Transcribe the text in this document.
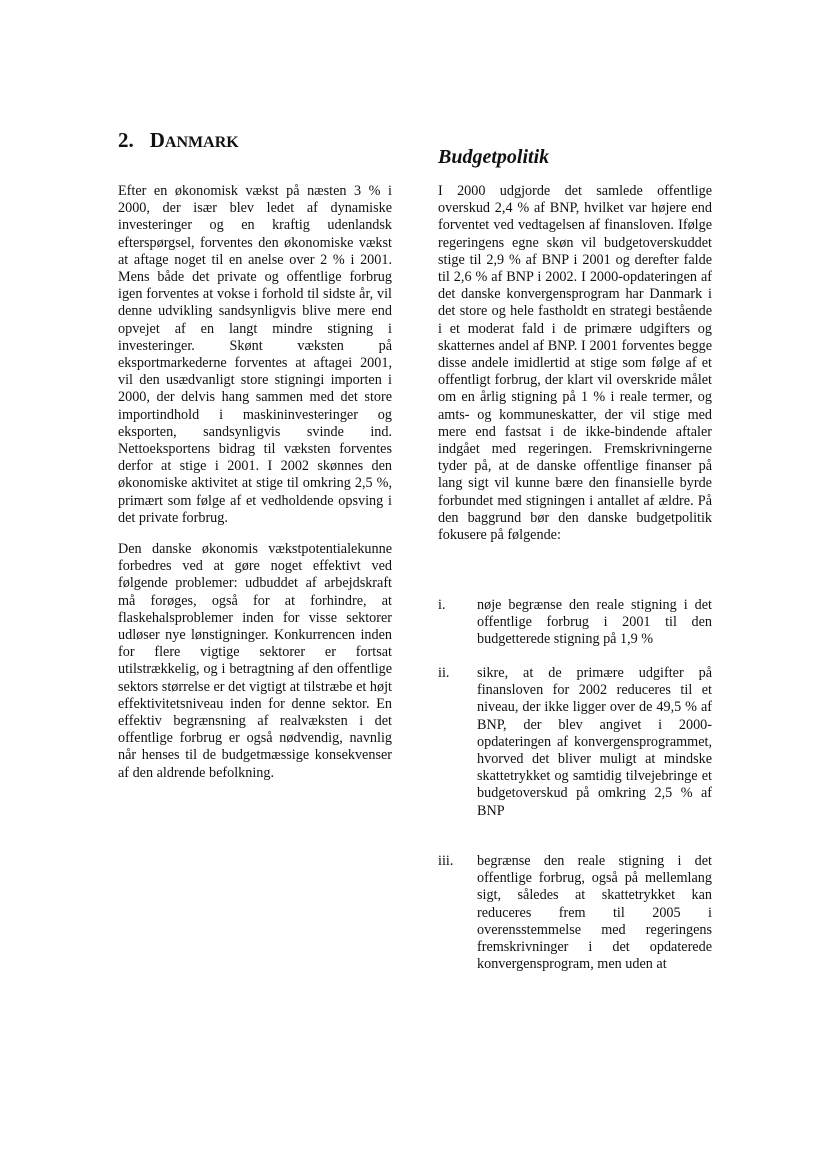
2. DANMARK

Efter en økonomisk vækst på næsten 3 % i 2000, der især blev ledet af dynamiske investeringer og en kraftig udenlandsk efterspørgsel, forventes den økonomiske vækst at aftage noget til en anelse over 2 % i 2001. Mens både det private og offentlige forbrug igen forventes at vokse i forhold til sidste år, vil denne udvikling sandsynligvis blive mere end opvejet af en langt mindre stigning i investeringer. Skønt væksten på eksportmarkederne forventes at aftagei 2001, vil den usædvanligt store stigningi importen i 2000, der delvis hang sammen med det store importindhold i maskininvesteringer og eksporten, sandsynligvis svinde ind. Nettoeksportens bidrag til væksten forventes derfor at stige i 2001. I 2002 skønnes den økonomiske aktivitet at stige til omkring 2,5 %, primært som følge af et vedholdende opsving i det private forbrug.

Den danske økonomis vækstpotentialekunne forbedres ved at gøre noget effektivt ved følgende problemer: udbuddet af arbejdskraft må forøges, også for at forhindre, at flaskehalsproblemer inden for visse sektorer udløser nye lønstigninger. Konkurrencen inden for flere vigtige sektorer er fortsat utilstrækkelig, og i betragtning af den offentlige sektors størrelse er det vigtigt at tilstræbe et højt effektivitetsniveau inden for denne sektor. En effektiv begrænsning af realvæksten i det offentlige forbrug er også nødvendig, navnlig når henses til de budgetmæssige konsekvenser af den aldrende befolkning.

Budgetpolitik

I 2000 udgjorde det samlede offentlige overskud 2,4 % af BNP, hvilket var højere end forventet ved vedtagelsen af finansloven. Ifølge regeringens egne skøn vil budgetoverskuddet stige til 2,9 % af BNP i 2001 og derefter falde til 2,6 % af BNP i 2002. I 2000-opdateringen af det danske konvergensprogram har Danmark i det store og hele fastholdt en strategi bestående i et moderat fald i de primære udgifters og skatternes andel af BNP. I 2001 forventes begge disse andele imidlertid at stige som følge af et offentligt forbrug, der klart vil overskride målet om en årlig stigning på 1 % i reale termer, og amts- og kommuneskatter, der vil stige med mere end fastsat i de ikke-bindende aftaler indgået med regeringen. Fremskrivningerne tyder på, at de danske offentlige finanser på lang sigt vil kunne bære den finansielle byrde forbundet med stigningen i antallet af ældre. På den baggrund bør den danske budgetpolitik fokusere på følgende:

i. nøje begrænse den reale stigning i det offentlige forbrug i 2001 til den budgetterede stigning på 1,9 %

ii. sikre, at de primære udgifter på finansloven for 2002 reduceres til et niveau, der ikke ligger over de 49,5 % af BNP, der blev angivet i 2000-opdateringen af konvergensprogrammet, hvorved det bliver muligt at mindske skattetrykket og samtidig tilvejebringe et budgetoverskud på omkring 2,5 % af BNP

iii. begrænse den reale stigning i det offentlige forbrug, også på mellemlang sigt, således at skattetrykket kan reduceres frem til 2005 i overensstemmelse med regeringens fremskrivninger i det opdaterede konvergensprogram, men uden at
